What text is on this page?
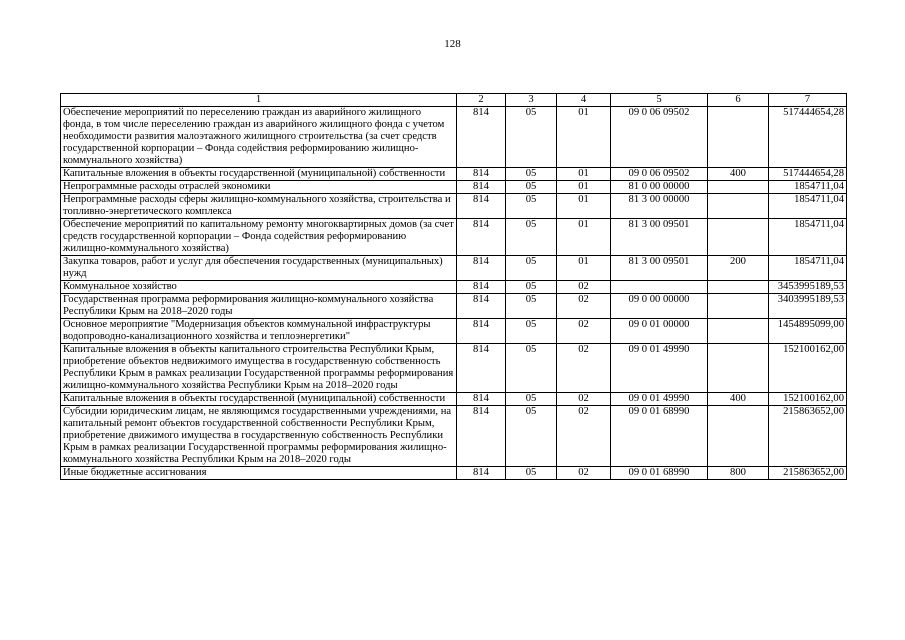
128
1	2	3	4	5	6	7
Обеспечение мероприятий по переселению граждан из аварийного жилищного фонда, в том числе переселению граждан из аварийного жилищного фонда с учетом необходимости развития малоэтажного жилищного строительства (за счет средств государственной корпорации – Фонда содействия реформированию жилищно-коммунального хозяйства)	814	05	01	09 0 06 09502		517444654,28
Капитальные вложения в объекты государственной (муниципальной) собственности	814	05	01	09 0 06 09502	400	517444654,28
Непрограммные расходы отраслей экономики	814	05	01	81 0 00 00000		1854711,04
Непрограммные расходы сферы жилищно-коммунального хозяйства, строительства и топливно-энергетического комплекса	814	05	01	81 3 00 00000		1854711,04
Обеспечение мероприятий по капитальному ремонту многоквартирных домов (за счет средств государственной корпорации – Фонда содействия реформированию жилищно-коммунального хозяйства)	814	05	01	81 3 00 09501		1854711,04
Закупка товаров, работ и услуг для обеспечения государственных (муниципальных) нужд	814	05	01	81 3 00 09501	200	1854711,04
Коммунальное хозяйство	814	05	02			3453995189,53
Государственная программа реформирования жилищно-коммунального хозяйства Республики Крым на 2018–2020 годы	814	05	02	09 0 00 00000		3403995189,53
Основное мероприятие "Модернизация объектов коммунальной инфраструктуры водопроводно-канализационного хозяйства и теплоэнергетики"	814	05	02	09 0 01 00000		1454895099,00
Капитальные вложения в объекты капитального строительства Республики Крым, приобретение объектов недвижимого имущества в государственную собственность Республики Крым в рамках реализации Государственной программы реформирования жилищно-коммунального хозяйства Республики Крым на 2018–2020 годы	814	05	02	09 0 01 49990		152100162,00
Капитальные вложения в объекты государственной (муниципальной) собственности	814	05	02	09 0 01 49990	400	152100162,00
Субсидии юридическим лицам, не являющимся государственными учреждениями, на капитальный ремонт объектов государственной собственности Республики Крым, приобретение движимого имущества в государственную собственность Республики Крым в рамках реализации Государственной программы реформирования жилищно-коммунального хозяйства Республики Крым на 2018–2020 годы	814	05	02	09 0 01 68990		215863652,00
Иные бюджетные ассигнования	814	05	02	09 0 01 68990	800	215863652,00
